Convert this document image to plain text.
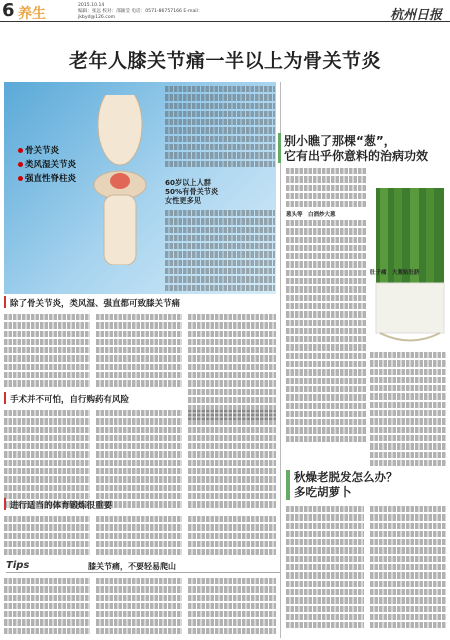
6 养生
2015.10.14
编辑：张远 校对：邵颖莹 电话：0571-86757166 E-mail：jkbyd@126.com	杭州日报
老年人膝关节痛一半以上为骨关节炎
骨关节炎
类风湿关节炎
强直性脊柱炎	60岁以上人群
50%有骨关节炎
女性更多见
除了骨关节炎，类风湿、强直都可致膝关节痛
手术并不可怕，自行购药有风险
进行适当的体育锻炼很重要
Tips	膝关节痛，不要轻易爬山
别小瞧了那棵“葱”，
它有出乎你意料的治病功效
葱头等　白酒炒大葱
肚子痛　大葱贴肚脐
秋燥老脱发怎么办？
多吃胡萝卜
